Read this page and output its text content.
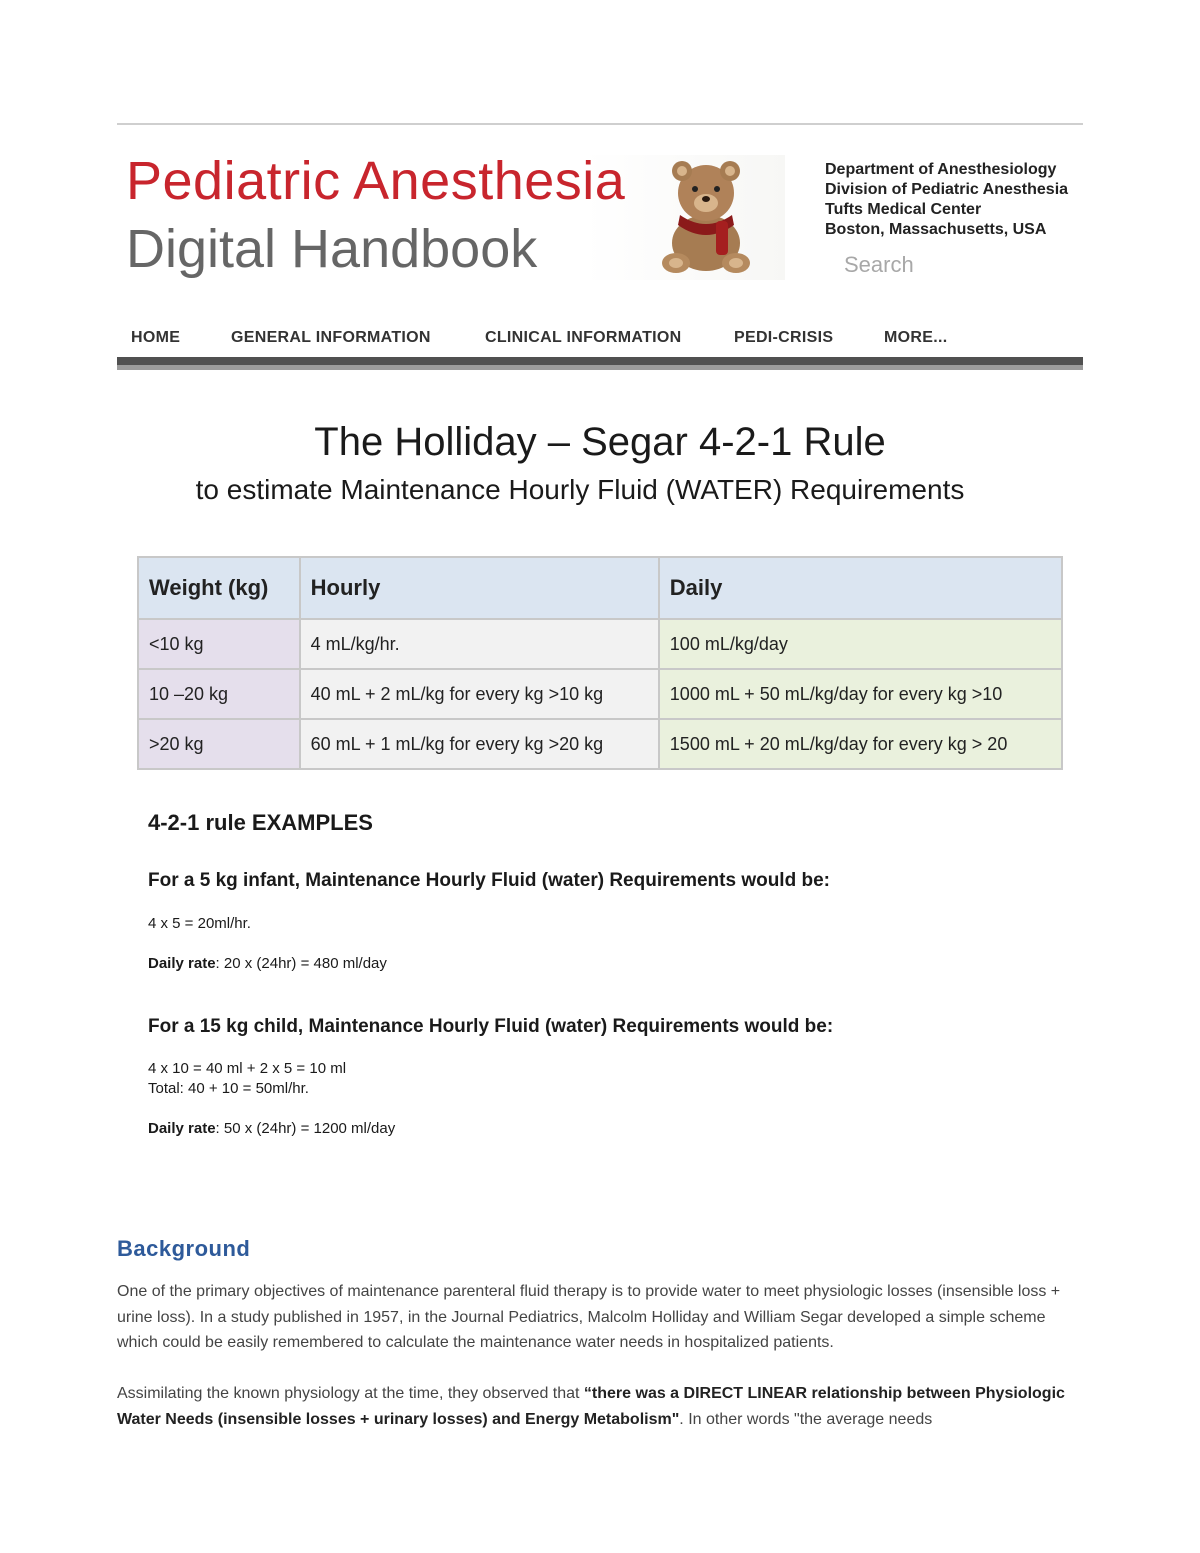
Pediatric Anesthesia
Digital Handbook
Department of Anesthesiology
Division of Pediatric Anesthesia
Tufts Medical Center
Boston, Massachusetts, USA
Search
HOME	GENERAL INFORMATION	CLINICAL INFORMATION	PEDI-CRISIS	MORE...
The Holliday – Segar 4-2-1 Rule
to estimate Maintenance Hourly Fluid (WATER) Requirements
Weight (kg)	Hourly	Daily
<10 kg	4 mL/kg/hr.	100 mL/kg/day
10 –20 kg	40 mL + 2 mL/kg for every kg >10 kg	1000 mL + 50 mL/kg/day for every kg >10
>20 kg	60 mL + 1 mL/kg for every kg >20 kg	1500 mL + 20 mL/kg/day for every kg > 20
4-2-1 rule EXAMPLES
For a 5 kg infant, Maintenance Hourly Fluid (water) Requirements would be:
4 x 5 = 20ml/hr.
Daily rate: 20 x (24hr) = 480 ml/day
For a 15 kg child, Maintenance Hourly Fluid (water) Requirements would be:
4 x 10 = 40 ml + 2 x 5 = 10 ml
Total: 40 + 10 = 50ml/hr.
Daily rate: 50 x (24hr) = 1200 ml/day
Background
One of the primary objectives of maintenance parenteral fluid therapy is to provide water to meet physiologic losses (insensible loss + urine loss). In a study published in 1957, in the Journal Pediatrics, Malcolm Holliday and William Segar developed a simple scheme which could be easily remembered to calculate the maintenance water needs in hospitalized patients.
Assimilating the known physiology at the time, they observed that “there was a DIRECT LINEAR relationship between Physiologic Water Needs (insensible losses + urinary losses) and Energy Metabolism". In other words "the average needs
